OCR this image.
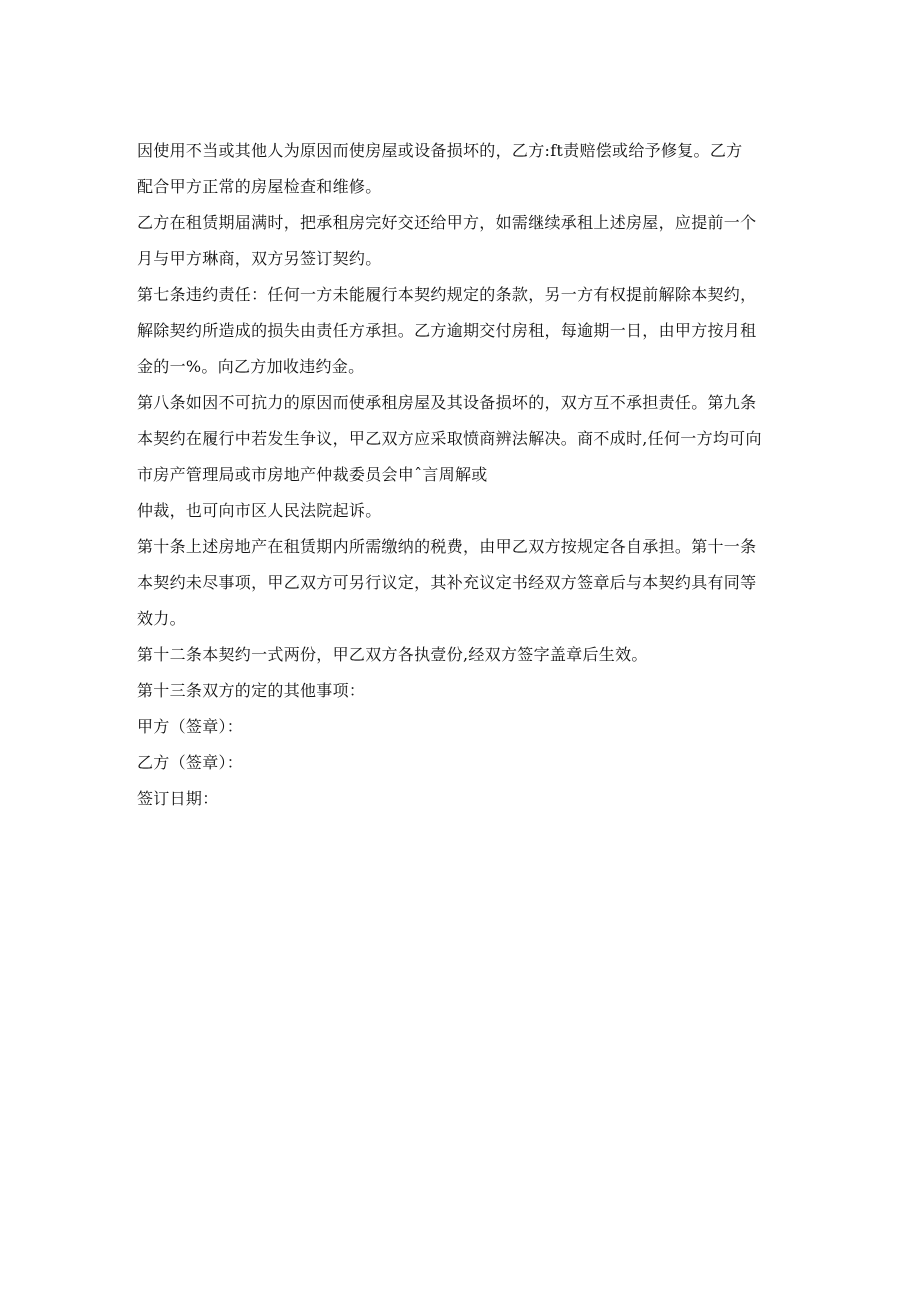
因使用不当或其他人为原因而使房屋或设备损坏的，乙方:ft责赔偿或给予修复。乙方
配合甲方正常的房屋检查和维修。

乙方在租赁期届满时，把承租房完好交还给甲方，如需继续承租上述房屋，应提前一个
月与甲方琳商，双方另签订契约。

第七条违约责任：任何一方未能履行本契约规定的条款，另一方有权提前解除本契约，
解除契约所造成的损失由责任方承担。乙方逾期交付房租，每逾期一日，由甲方按月租
金的一%。向乙方加收违约金。

第八条如因不可抗力的原因而使承租房屋及其设备损坏的，双方互不承担责任。第九条
本契约在履行中若发生争议，甲乙双方应采取愤商辨法解决。商不成时,任何一方均可向
市房产管理局或市房地产仲裁委员会申ˆ言周解或

仲裁，也可向市区人民法院起诉。

第十条上述房地产在租赁期内所需缴纳的税费，由甲乙双方按规定各自承担。第十一条
本契约未尽事项，甲乙双方可另行议定，其补充议定书经双方签章后与本契约具有同等
效力。

第十二条本契约一式两份，甲乙双方各执壹份,经双方签字盖章后生效。

第十三条双方的定的其他事项：

甲方（签章）：

乙方（签章）：

签订日期：
